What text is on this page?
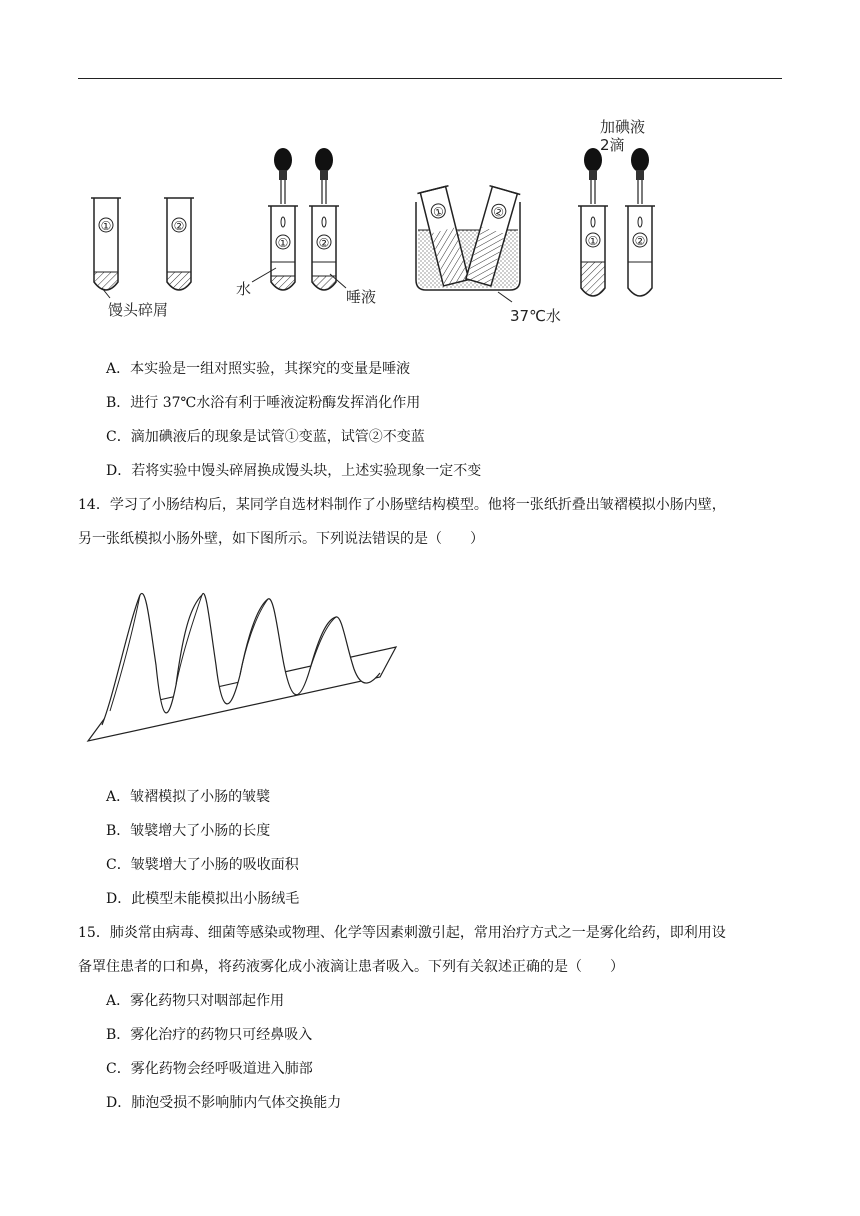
①	②
馒头碎屑
①	②
水	唾液
①	②
37℃水
加碘液
2滴
①	②
A．本实验是一组对照实验，其探究的变量是唾液
B．进行 37℃水浴有利于唾液淀粉酶发挥消化作用
C．滴加碘液后的现象是试管①变蓝，试管②不变蓝
D．若将实验中馒头碎屑换成馒头块，上述实验现象一定不变
14．学习了小肠结构后，某同学自选材料制作了小肠壁结构模型。他将一张纸折叠出皱褶模拟小肠内壁，
另一张纸模拟小肠外壁，如下图所示。下列说法错误的是（　　）
A．皱褶模拟了小肠的皱襞
B．皱襞增大了小肠的长度
C．皱襞增大了小肠的吸收面积
D．此模型未能模拟出小肠绒毛
15．肺炎常由病毒、细菌等感染或物理、化学等因素刺激引起，常用治疗方式之一是雾化给药，即利用设
备罩住患者的口和鼻，将药液雾化成小液滴让患者吸入。下列有关叙述正确的是（　　）
A．雾化药物只对咽部起作用
B．雾化治疗的药物只可经鼻吸入
C．雾化药物会经呼吸道进入肺部
D．肺泡受损不影响肺内气体交换能力
